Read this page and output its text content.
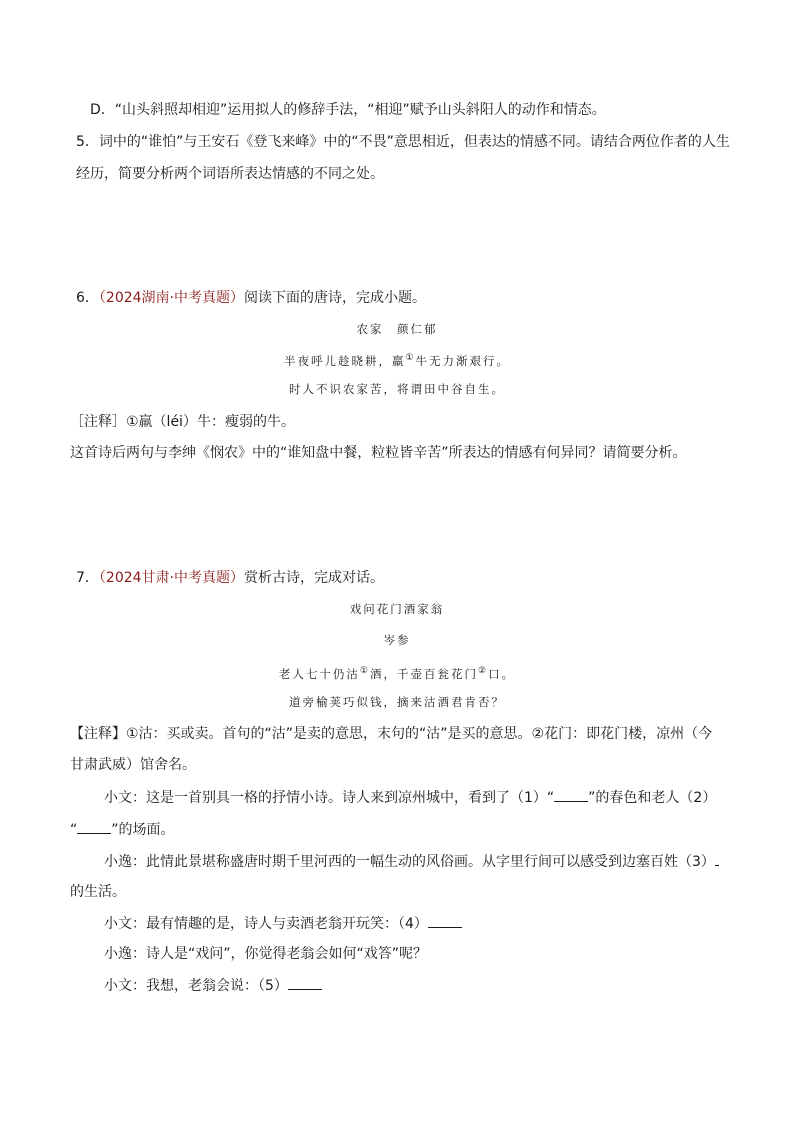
D．“山头斜照却相迎”运用拟人的修辞手法，“相迎”赋予山头斜阳人的动作和情态。
5．词中的“谁怕”与王安石《登飞来峰》中的“不畏”意思相近，但表达的情感不同。请结合两位作者的人生
经历，简要分析两个词语所表达情感的不同之处。
6．（2024湖南·中考真题）阅读下面的唐诗，完成小题。
农家　颜仁郁
半夜呼儿趁晓耕，羸①牛无力渐艰行。
时人不识农家苦，将谓田中谷自生。
［注释］①羸（léi）牛：瘦弱的牛。
这首诗后两句与李绅《悯农》中的“谁知盘中餐，粒粒皆辛苦”所表达的情感有何异同？请简要分析。
7．（2024甘肃·中考真题）赏析古诗，完成对话。
戏问花门酒家翁
岑参
老人七十仍沽①酒，千壶百瓮花门②口。
道旁榆荚巧似钱，摘来沽酒君肯否？
【注释】①沽：买或卖。首句的“沽”是卖的意思，末句的“沽”是买的意思。②花门：即花门楼，凉州（今
甘肃武威）馆舍名。
小文：这是一首别具一格的抒情小诗。诗人来到凉州城中，看到了（1）“ ”的春色和老人（2）
“ ”的场面。
小逸：此情此景堪称盛唐时期千里河西的一幅生动的风俗画。从字里行间可以感受到边塞百姓（3）
的生活。
小文：最有情趣的是，诗人与卖酒老翁开玩笑：（4）
小逸：诗人是“戏问”，你觉得老翁会如何“戏答”呢？
小文：我想，老翁会说：（5）
